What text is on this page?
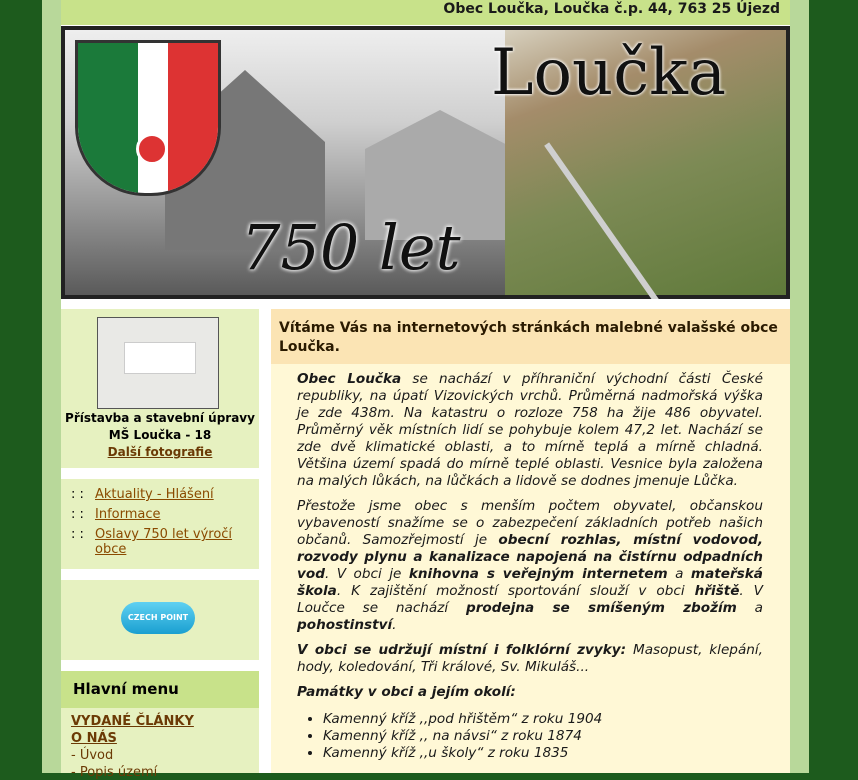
Obec Loučka, Loučka č.p. 44, 763 25 Újezd
Loučka
750 let
Přístavba a stavební úpravy MŠ Loučka - 18
Další fotografie
: : Aktuality - Hlášení
: : Informace
: : Oslavy 750 let výročí obce
CZECH POINT
Hlavní menu
VYDANÉ ČLÁNKY
O NÁS
- Úvod
- Popis území
Vítáme Vás na internetových stránkách malebné valašské obce Loučka.

Obec Loučka se nachází v příhraniční východní části České republiky, na úpatí Vizovických vrchů. Průměrná nadmořská výška je zde 438m. Na katastru o rozloze 758 ha žije 486 obyvatel. Průměrný věk místních lidí se pohybuje kolem 47,2 let. Nachází se zde dvě klimatické oblasti, a to mírně teplá a mírně chladná. Většina území spadá do mírně teplé oblasti. Vesnice byla založena na malých lůkách, na lůčkách a lidově se dodnes jmenuje Lůčka.

Přestože jsme obec s menším počtem obyvatel, občanskou vybaveností snažíme se o zabezpečení základních potřeb našich občanů. Samozřejmostí je obecní rozhlas, místní vodovod, rozvody plynu a kanalizace napojená na čistírnu odpadních vod. V obci je knihovna s veřejným internetem a mateřská škola. K zajištění možností sportování slouží v obci hřiště. V Loučce se nachází prodejna se smíšeným zbožím a pohostinství.

V obci se udržují místní i folklórní zvyky: Masopust, klepání, hody, koledování, Tři králové, Sv. Mikuláš...

Památky v obci a jejím okolí:

• Kamenný kříž ,,pod hřištěm“ z roku 1904
• Kamenný kříž ,, na návsi“ z roku 1874
• Kamenný kříž ,,u školy“ z roku 1835
